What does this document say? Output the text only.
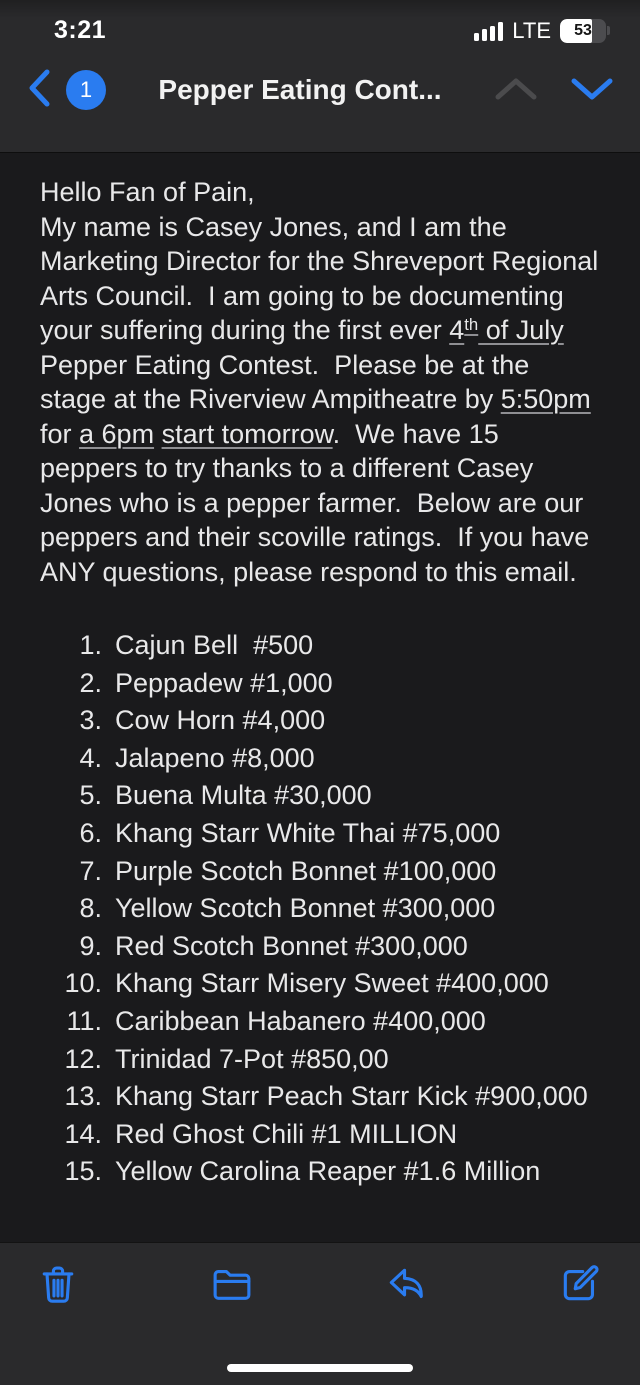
3:21	LTE	53
1	Pepper Eating Cont...

Hello Fan of Pain,
My name is Casey Jones, and I am the Marketing Director for the Shreveport Regional Arts Council.  I am going to be documenting your suffering during the first ever 4th of July Pepper Eating Contest.  Please be at the stage at the Riverview Ampitheatre by 5:50pm for a 6pm start tomorrow.  We have 15 peppers to try thanks to a different Casey Jones who is a pepper farmer.  Below are our peppers and their scoville ratings.  If you have ANY questions, please respond to this email.

1. Cajun Bell  #500
2. Peppadew #1,000
3. Cow Horn #4,000
4. Jalapeno #8,000
5. Buena Multa #30,000
6. Khang Starr White Thai #75,000
7. Purple Scotch Bonnet #100,000
8. Yellow Scotch Bonnet #300,000
9. Red Scotch Bonnet #300,000
10. Khang Starr Misery Sweet #400,000
11. Caribbean Habanero #400,000
12. Trinidad 7-Pot #850,00
13. Khang Starr Peach Starr Kick #900,000
14. Red Ghost Chili #1 MILLION
15. Yellow Carolina Reaper #1.6 Million
